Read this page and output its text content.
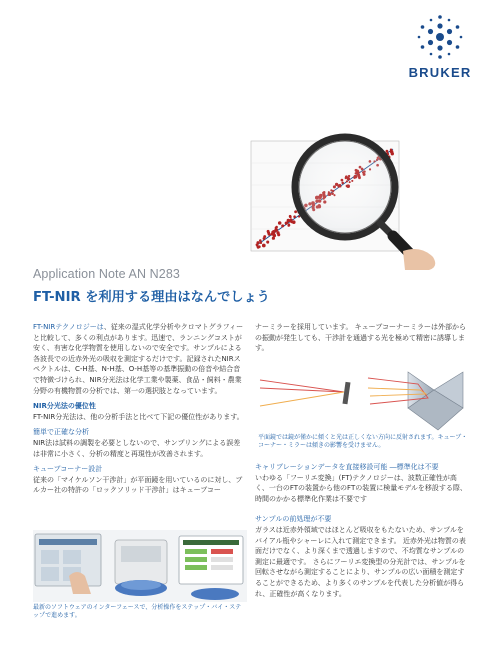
BRUKER
Application Note AN N283
FT-NIR を利用する理由はなんでしょう

FT-NIRテクノロジーは、従来の湿式化学分析やクロマトグラフィーと比較して、多くの利点があります。迅速で、ランニングコストが安く、有害な化学物質を使用しないので安全です。サンプルによる各波長での近赤外光の吸収を測定するだけです。記録されたNIRスペクトルは、C-H基、N-H基、O-H基等の基準振動の倍音や結合音で特徴づけられ、NIR分光法は化学工業や製薬、食品・飼料・農業分野の有機物質の分析では、第一の選択肢となっています。

NIR分光法の優位性

FT-NIR分光法は、他の分析手法と比べて下記の優位性があります。

簡単で正確な分析

NIR法は試料の調製を必要としないので、サンプリングによる誤差は非常に小さく、分析の精度と再現性が改善されます。

キューブコーナー設計

従来の「マイケルソン干渉計」が平面鏡を用いているのに対し、ブルカー社の特許の「ロックソリッド干渉計」はキューブコー

最新のソフトウェアのインターフェースで、分析操作をステップ・バイ・ステップで進めます。

ナーミラーを採用しています。 キューブコーナーミラーは外部からの振動が発生しても、干渉計を通過する光を極めて精密に誘導します。

平面鏡では鏡が僅かに傾くと光は正しくない方向に反射されます。キューブ・コーナー・ミラーは傾きの影響を受けません。

キャリブレーションデータを直接移設可能 ―標準化は不要

いわゆる「フーリエ変換」(FT)テクノロジーは、波数正確性が高く、一台のFTの装置から他のFTの装置に検量モデルを移設する際、時間のかかる標準化作業は不要です

サンプルの前処理が不要

ガラスは近赤外領域ではほとんど吸収をもたないため、サンプルをバイアル瓶やシャーレに入れて測定できます。 近赤外光は物質の表面だけでなく、より深くまで透過しますので、不均質なサンプルの測定に最適です。 さらにフーリエ変換型の分光計では、サンプルを回転させながら測定することにより、サンプルの広い面積を測定することができるため、より多くのサンプルを代表した分析値が得られ、正確性が高くなります。
